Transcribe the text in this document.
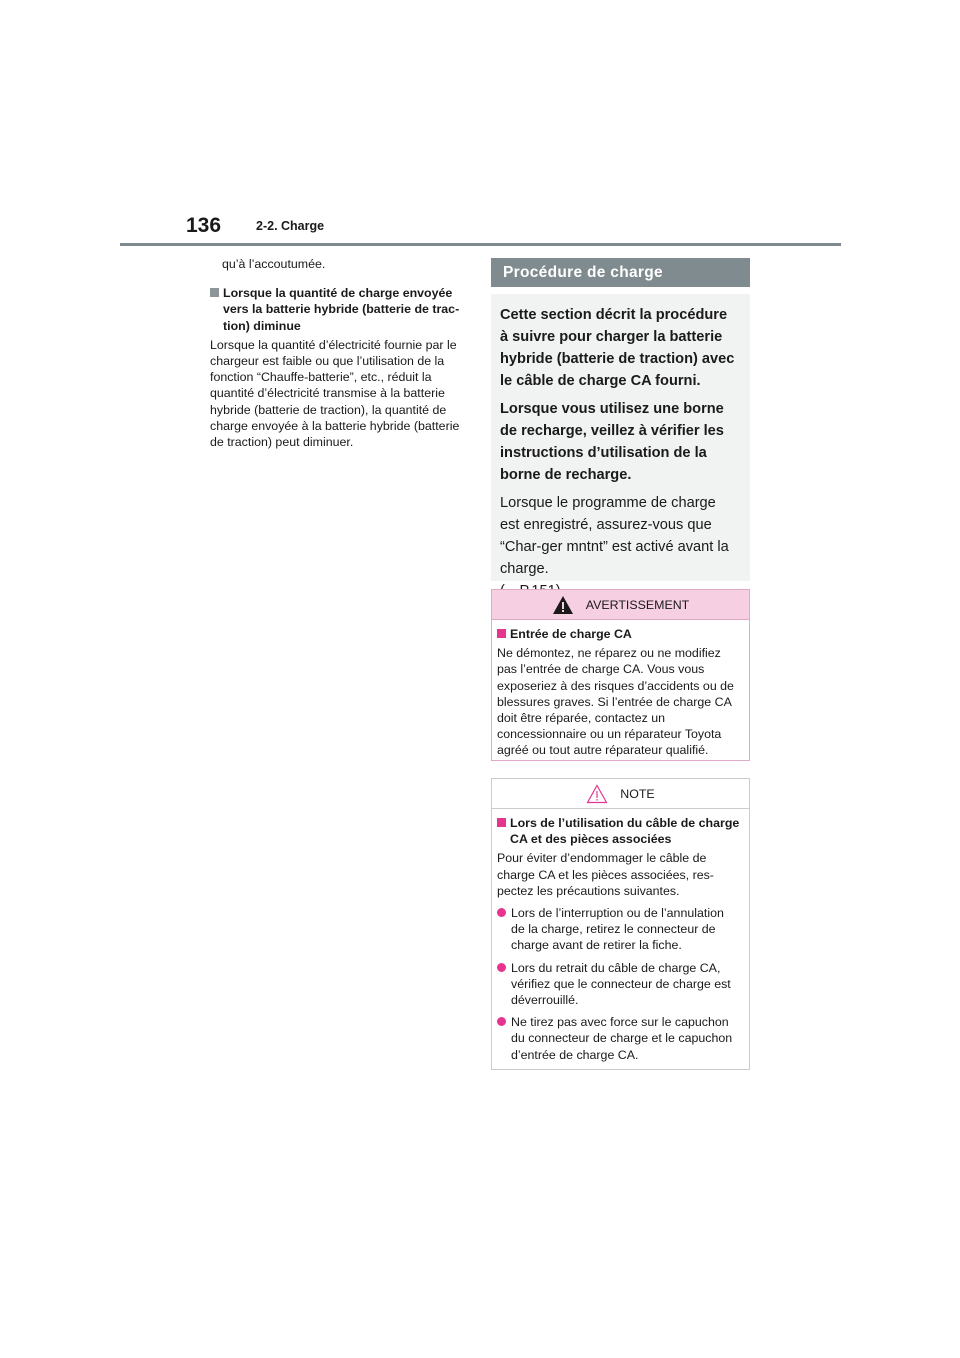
136	2-2. Charge

qu’à l’accoutumée.

Lorsque la quantité de charge envoyée vers la batterie hybride (batterie de trac-tion) diminue
Lorsque la quantité d’électricité fournie par le chargeur est faible ou que l’utilisation de la fonction “Chauffe-batterie”, etc., réduit la quantité d’électricité transmise à la batterie hybride (batterie de traction), la quantité de charge envoyée à la batterie hybride (batterie de traction) peut diminuer.
Procédure de charge

Cette section décrit la procédure à suivre pour charger la batterie hybride (batterie de traction) avec le câble de charge CA fourni.

Lorsque vous utilisez une borne de recharge, veillez à vérifier les instructions d’utilisation de la borne de recharge.

Lorsque le programme de charge est enregistré, assurez-vous que “Char-ger mntnt” est activé avant la charge.

AVERTISSEMENT
Entrée de charge CA
Ne démontez, ne réparez ou ne modifiez pas l’entrée de charge CA. Vous vous exposeriez à des risques d’accidents ou de blessures graves. Si l’entrée de charge CA doit être réparée, contactez un concessionnaire ou un réparateur Toyota agréé ou tout autre réparateur qualifié.
NOTE
Lors de l’utilisation du câble de charge CA et des pièces associées
Pour éviter d’endommager le câble de charge CA et les pièces associées, res-pectez les précautions suivantes.
Lors de l’interruption ou de l’annulation de la charge, retirez le connecteur de charge avant de retirer la fiche.
Lors du retrait du câble de charge CA, vérifiez que le connecteur de charge est déverrouillé.
Ne tirez pas avec force sur le capuchon du connecteur de charge et le capuchon d’entrée de charge CA.
